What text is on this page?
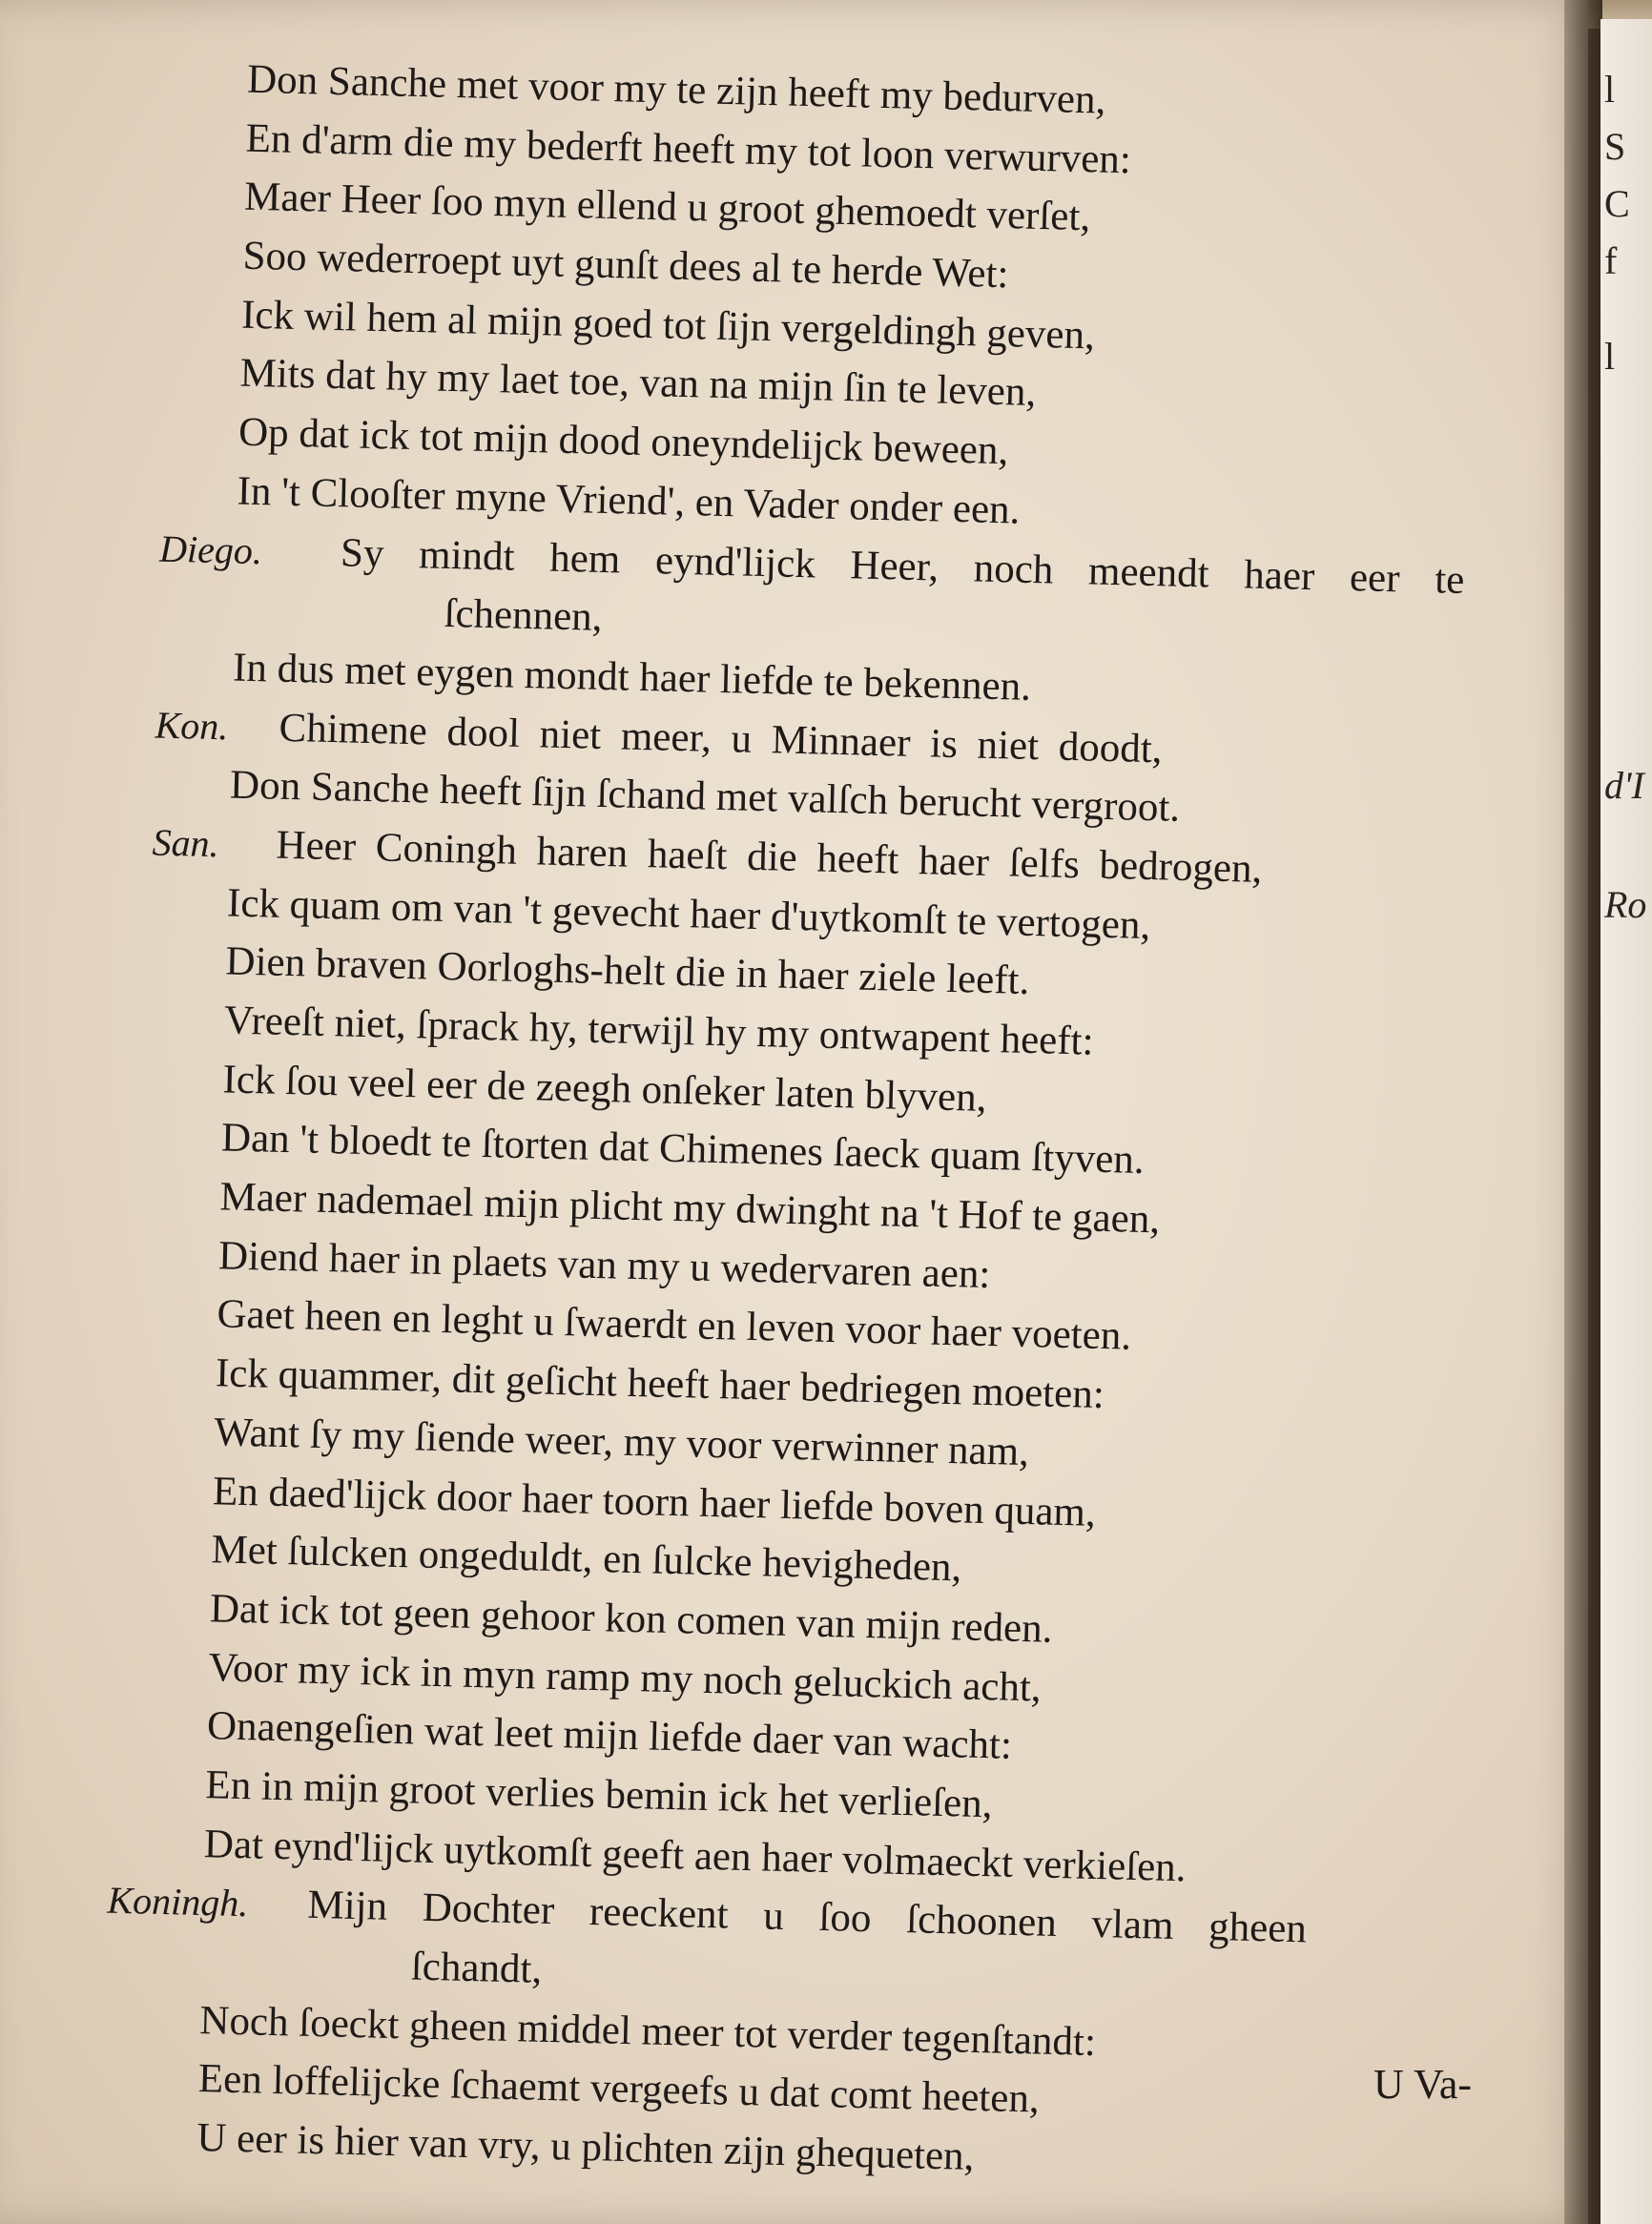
Don Sanche met voor my te zijn heeft my bedurven,
En d'arm die my bederft heeft my tot loon verwurven:
Maer Heer ſoo myn ellend u groot ghemoedt verſet,
Soo wederroept uyt gunſt dees al te herde Wet:
Ick wil hem al mijn goed tot ſijn vergeldingh geven,
Mits dat hy my laet toe, van na mijn ſin te leven,
Op dat ick tot mijn dood oneyndelijck beween,
In 't Clooſter myne Vriend', en Vader onder een.
Diego. Sy mindt hem eynd'lijck Heer, noch meendt haer eer te
ſchennen,
In dus met eygen mondt haer liefde te bekennen.
Kon. Chimene dool niet meer, u Minnaer is niet doodt,
Don Sanche heeft ſijn ſchand met valſch berucht vergroot.
San. Heer Coningh haren haeſt die heeft haer ſelfs bedrogen,
Ick quam om van 't gevecht haer d'uytkomſt te vertogen,
Dien braven Oorloghs-helt die in haer ziele leeft.
Vreeſt niet, ſprack hy, terwijl hy my ontwapent heeft:
Ick ſou veel eer de zeegh onſeker laten blyven,
Dan 't bloedt te ſtorten dat Chimenes ſaeck quam ſtyven.
Maer nademael mijn plicht my dwinght na 't Hof te gaen,
Diend haer in plaets van my u wedervaren aen:
Gaet heen en leght u ſwaerdt en leven voor haer voeten.
Ick quammer, dit geſicht heeft haer bedriegen moeten:
Want ſy my ſiende weer, my voor verwinner nam,
En daed'lijck door haer toorn haer liefde boven quam,
Met ſulcken ongeduldt, en ſulcke hevigheden,
Dat ick tot geen gehoor kon comen van mijn reden.
Voor my ick in myn ramp my noch geluckich acht,
Onaengeſien wat leet mijn liefde daer van wacht:
En in mijn groot verlies bemin ick het verlieſen,
Dat eynd'lijck uytkomſt geeft aen haer volmaeckt verkieſen.
Koningh. Mijn Dochter reeckent u ſoo ſchoonen vlam gheen
ſchandt,
Noch ſoeckt gheen middel meer tot verder tegenſtandt:
Een loffelijcke ſchaemt vergeefs u dat comt heeten,
U eer is hier van vry, u plichten zijn ghequeten,
U Va-
l
S
C
f
l
d'I
Ro
